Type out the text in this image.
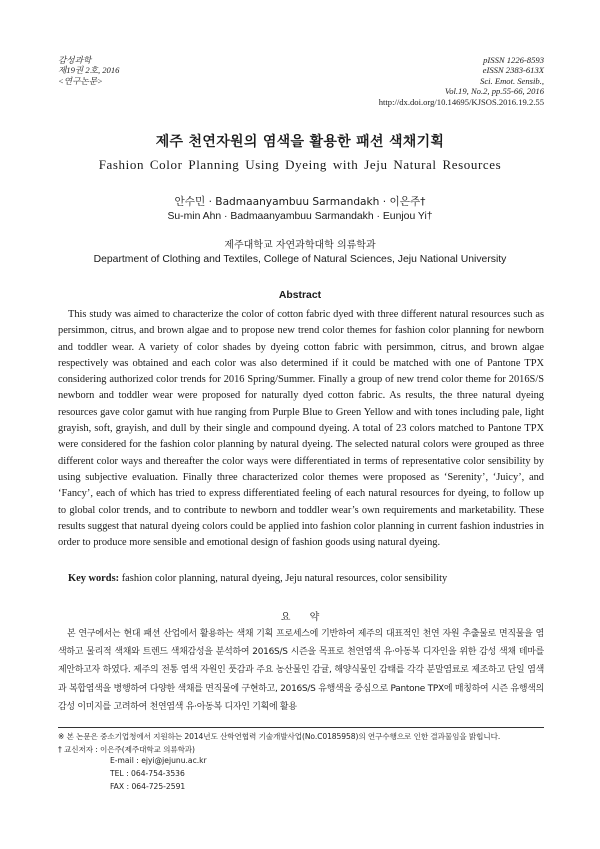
감성과학
제19권 2호, 2016
<연구논문>
pISSN 1226-8593
eISSN 2383-613X
Sci. Emot. Sensib.,
Vol.19, No.2, pp.55-66, 2016
http://dx.doi.org/10.14695/KJSOS.2016.19.2.55
제주 천연자원의 염색을 활용한 패션 색채기획
Fashion Color Planning Using Dyeing with Jeju Natural Resources
안수민 · Badmaanyambuu Sarmandakh · 이은주†
Su-min Ahn · Badmaanyambuu Sarmandakh · Eunjou Yi†
제주대학교 자연과학대학 의류학과
Department of Clothing and Textiles, College of Natural Sciences, Jeju National University
Abstract

This study was aimed to characterize the color of cotton fabric dyed with three different natural resources such as persimmon, citrus, and brown algae and to propose new trend color themes for fashion color planning for newborn and toddler wear. A variety of color shades by dyeing cotton fabric with persimmon, citrus, and brown algae respectively was obtained and each color was also determined if it could be matched with one of Pantone TPX considering authorized color trends for 2016 Spring/Summer. Finally a group of new trend color theme for 2016S/S newborn and toddler wear were proposed for naturally dyed cotton fabric. As results, the three natural dyeing resources gave color gamut with hue ranging from Purple Blue to Green Yellow and with tones including pale, light grayish, soft, grayish, and dull by their single and compound dyeing. A total of 23 colors matched to Pantone TPX were considered for the fashion color planning by natural dyeing. The selected natural colors were grouped as three different color ways and thereafter the color ways were differentiated in terms of representative color sensibility by using subjective evaluation. Finally three characterized color themes were proposed as ‘Serenity’, ‘Juicy’, and ‘Fancy’, each of which has tried to express differentiated feeling of each natural resources for dyeing, to follow up to global color trends, and to contribute to newborn and toddler wear’s own requirements and marketability. These results suggest that natural dyeing colors could be applied into fashion color planning in current fashion industries in order to produce more sensible and emotional design of fashion goods using natural dyeing.

Key words: fashion color planning, natural dyeing, Jeju natural resources, color sensibility
요 약

본 연구에서는 현대 패션 산업에서 활용하는 색채 기획 프로세스에 기반하여 제주의 대표적인 천연 자원 추출물로 면직물을 염색하고 물리적 색채와 트렌드 색채감성을 분석하여 2016S/S 시즌을 목표로 천연염색 유·아동복 디자인을 위한 감성 색채 테마를 제안하고자 하였다. 제주의 전통 염색 자원인 풋감과 주요 농산물인 감귤, 해양식물인 감태를 각각 분말염료로 제조하고 단일 염색과 복합염색을 병행하여 다양한 색채를 면직물에 구현하고, 2016S/S 유행색을 중심으로 Pantone TPX에 매칭하여 시즌 유행색의 감성 이미지를 고려하여 천연염색 유·아동복 디자인 기획에 활용

※ 본 논문은 중소기업청에서 지원하는 2014년도 산학연협력 기술개발사업(No.C0185958)의 연구수행으로 인한 결과물임을 밝힙니다.
† 교신저자 : 이은주(제주대학교 의류학과)
E-mail : ejyi@jejunu.ac.kr
TEL : 064-754-3536
FAX : 064-725-2591
